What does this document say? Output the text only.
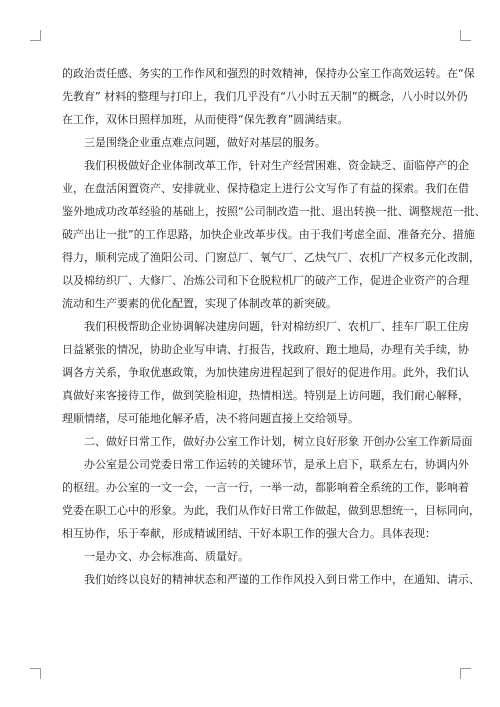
的政治责任感、务实的工作作风和强烈的时效精神，保持办公室工作高效运转。在“保
先教育” 材料的整理与打印上，我们几乎没有“八小时五天制”的概念，八小时以外仍
在工作，双休日照样加班，从而使得“保先教育”圆满结束。

三是围绕企业重点难点问题，做好对基层的服务。

我们积极做好企业体制改革工作，针对生产经营困难、资金缺乏、面临停产的企
业，在盘活闲置资产、安排就业、保持稳定上进行公文写作了有益的探索。我们在借
鉴外地成功改革经验的基础上，按照“公司制改造一批、退出转换一批、调整规范一批、
破产出让一批”的工作思路，加快企业改革步伐。由于我们考虑全面、准备充分、措施
得力，顺利完成了渔阳公司、门窗总厂、氧气厂、乙炔气厂、农机厂产权多元化改制，
以及棉纺织厂、大修厂、冶炼公司和下仓脱粒机厂的破产工作，促进企业资产的合理
流动和生产要素的优化配置，实现了体制改革的新突破。

我们积极帮助企业协调解决建房问题，针对棉纺织厂、农机厂、挂车厂职工住房
日益紧张的情况，协助企业写申请、打报告，找政府、跑土地局，办理有关手续，协
调各方关系，争取优惠政策，为加快建房进程起到了很好的促进作用。此外，我们认
真做好来客接待工作，做到笑脸相迎，热情相送。特别是上访问题，我们耐心解释，
理顺情绪，尽可能地化解矛盾，决不将问题直接上交给领导。

二、做好日常工作，做好办公室工作计划，树立良好形象 开创办公室工作新局面

办公室是公司党委日常工作运转的关键环节，是承上启下，联系左右，协调内外
的枢纽。办公室的一文一会，一言一行，一举一动，都影响着全系统的工作，影响着
党委在职工心中的形象。为此，我们从作好日常工作做起，做到思想统一，目标同向，
相互协作，乐于奉献，形成精诚团结、干好本职工作的强大合力。具体表现：

一是办文、办会标准高、质量好。

我们始终以良好的精神状态和严谨的工作作风投入到日常工作中，在通知、请示、
